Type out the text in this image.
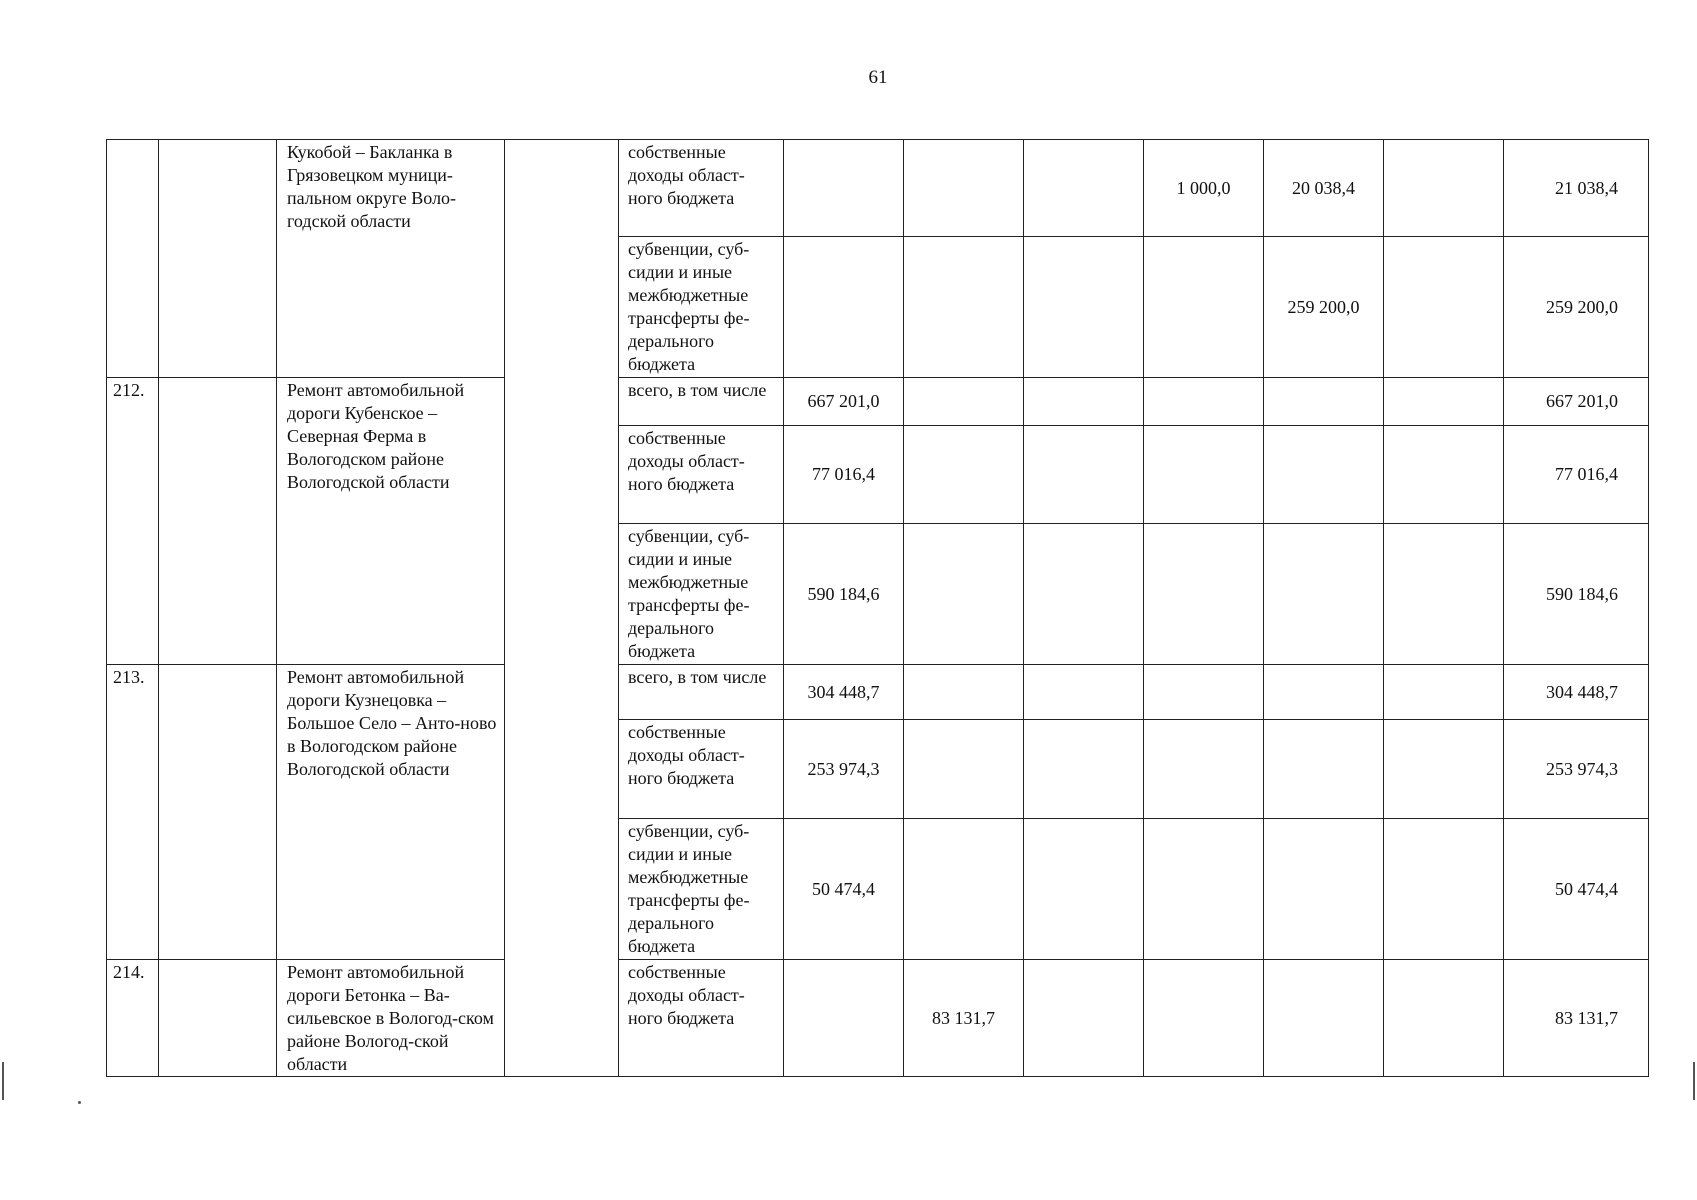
61
		Кукобой – Бакланка в Грязовецком муници-пальном округе Воло-годской области		собственные доходы област-ного бюджета				1 000,0	20 038,4		21 038,4
				субвенции, суб-сидии и иные межбюджетные трансферты фе-дерального бюджета					259 200,0		259 200,0
212.		Ремонт автомобильной дороги Кубенское – Северная Ферма в Вологодском районе Вологодской области		всего, в том числе	667 201,0						667 201,0
				собственные доходы област-ного бюджета	77 016,4						77 016,4
				субвенции, суб-сидии и иные межбюджетные трансферты фе-дерального бюджета	590 184,6						590 184,6
213.		Ремонт автомобильной дороги Кузнецовка – Большое Село – Анто-ново в Вологодском районе Вологодской области		всего, в том числе	304 448,7						304 448,7
				собственные доходы област-ного бюджета	253 974,3						253 974,3
				субвенции, суб-сидии и иные межбюджетные трансферты фе-дерального бюджета	50 474,4						50 474,4
214.		Ремонт автомобильной дороги Бетонка – Ва-сильевское в Вологод-ском районе Вологод-ской области		собственные доходы област-ного бюджета		83 131,7					83 131,7
